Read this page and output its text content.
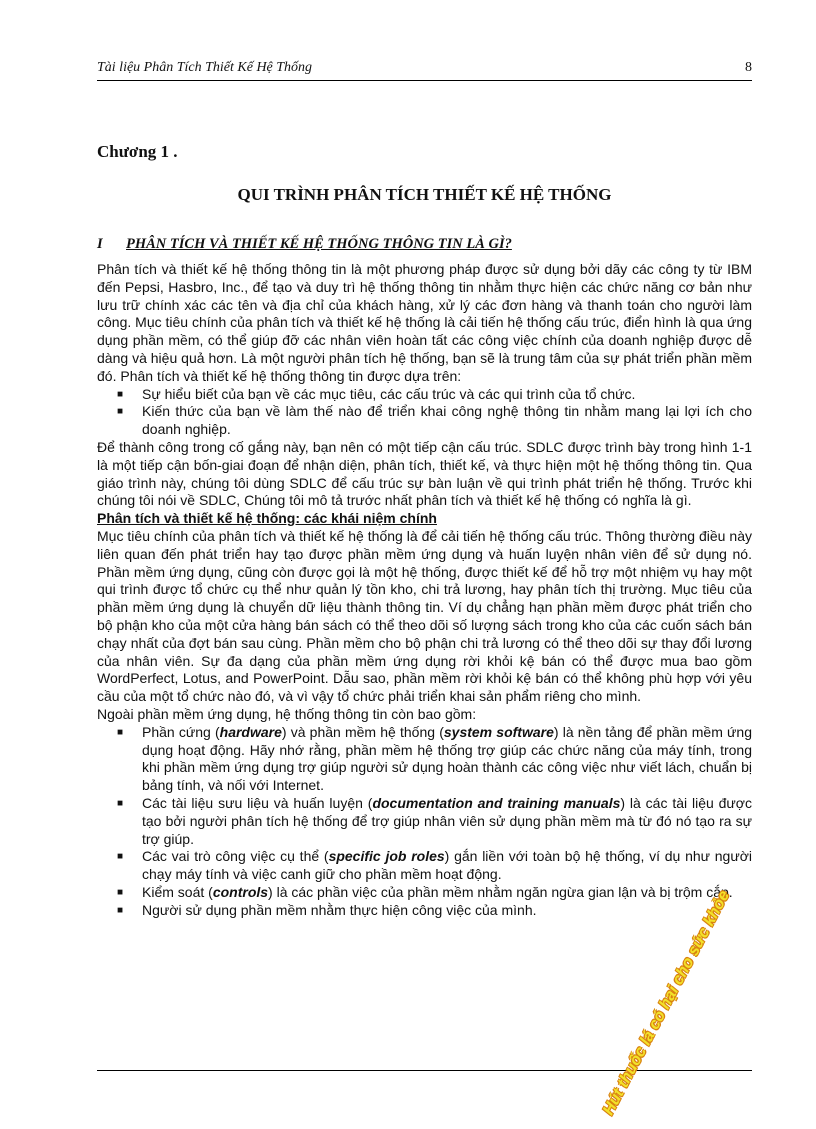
Tài liệu Phân Tích Thiết Kế Hệ Thống	8
Chương 1 .
QUI TRÌNH PHÂN TÍCH THIẾT KẾ HỆ THỐNG
I PHÂN TÍCH VÀ THIẾT KẾ HỆ THỐNG THÔNG TIN LÀ GÌ?

Phân tích và thiết kế hệ thống thông tin là một phương pháp được sử dụng bởi dãy các công ty từ IBM đến Pepsi, Hasbro, Inc., để tạo và duy trì hệ thống thông tin nhằm thực hiện các chức năng cơ bản như lưu trữ chính xác các tên và địa chỉ của khách hàng, xử lý các đơn hàng và thanh toán cho người làm công. Mục tiêu chính của phân tích và thiết kế hệ thống là cải tiến hệ thống cấu trúc, điển hình là qua ứng dụng phần mềm, có thể giúp đỡ các nhân viên hoàn tất các công việc chính của doanh nghiệp được dễ dàng và hiệu quả hơn. Là một người phân tích hệ thống, bạn sẽ là trung tâm của sự phát triển phần mềm đó. Phân tích và thiết kế hệ thống thông tin được dựa trên:

■ Sự hiểu biết của bạn về các mục tiêu, các cấu trúc và các qui trình của tổ chức.
■ Kiến thức của bạn về làm thế nào để triển khai công nghệ thông tin nhằm mang lại lợi ích cho doanh nghiệp.

Để thành công trong cố gắng này, bạn nên có một tiếp cận cấu trúc. SDLC được trình bày trong hình 1-1 là một tiếp cận bốn-giai đoạn để nhận diện, phân tích, thiết kế, và thực hiện một hệ thống thông tin. Qua giáo trình này, chúng tôi dùng SDLC để cấu trúc sự bàn luận về qui trình phát triển hệ thống. Trước khi chúng tôi nói về SDLC, Chúng tôi mô tả trước nhất phân tích và thiết kế hệ thống có nghĩa là gì.

Phân tích và thiết kế hệ thống: các khái niệm chính

Mục tiêu chính của phân tích và thiết kế hệ thống là để cải tiến hệ thống cấu trúc. Thông thường điều này liên quan đến phát triển hay tạo được phần mềm ứng dụng và huấn luyện nhân viên để sử dụng nó. Phần mềm ứng dụng, cũng còn được gọi là một hệ thống, được thiết kế để hỗ trợ một nhiệm vụ hay một qui trình được tổ chức cụ thể như quản lý tồn kho, chi trả lương, hay phân tích thị trường. Mục tiêu của phần mềm ứng dụng là chuyển dữ liệu thành thông tin. Ví dụ chẳng hạn phần mềm được phát triển cho bộ phận kho của một cửa hàng bán sách có thể theo dõi số lượng sách trong kho của các cuốn sách bán chạy nhất của đợt bán sau cùng. Phần mềm cho bộ phận chi trả lương có thể theo dõi sự thay đổi lương của nhân viên. Sự đa dạng của phần mềm ứng dụng rời khỏi kệ bán có thể được mua bao gồm WordPerfect, Lotus, and PowerPoint. Dẫu sao, phần mềm rời khỏi kệ bán có thể không phù hợp với yêu cầu của một tổ chức nào đó, và vì vậy tổ chức phải triển khai sản phẩm riêng cho mình.

Ngoài phần mềm ứng dụng, hệ thống thông tin còn bao gồm:

■ Phần cứng (hardware) và phần mềm hệ thống (system software) là nền tảng để phần mềm ứng dụng hoạt động. Hãy nhớ rằng, phần mềm hệ thống trợ giúp các chức năng của máy tính, trong khi phần mềm ứng dụng trợ giúp người sử dụng hoàn thành các công việc như viết lách, chuẩn bị bảng tính, và nối với Internet.
■ Các tài liệu sưu liệu và huấn luyện (documentation and training manuals) là các tài liệu được tạo bởi người phân tích hệ thống để trợ giúp nhân viên sử dụng phần mềm mà từ đó nó tạo ra sự trợ giúp.
■ Các vai trò công việc cụ thể (specific job roles) gắn liền với toàn bộ hệ thống, ví dụ như người chạy máy tính và việc canh giữ cho phần mềm hoạt động.
■ Kiểm soát (controls) là các phần việc của phần mềm nhằm ngăn ngừa gian lận và bị trộm cắp.
■ Người sử dụng phần mềm nhằm thực hiện công việc của mình.	Hút thuốc lá có hại cho sức khỏe
